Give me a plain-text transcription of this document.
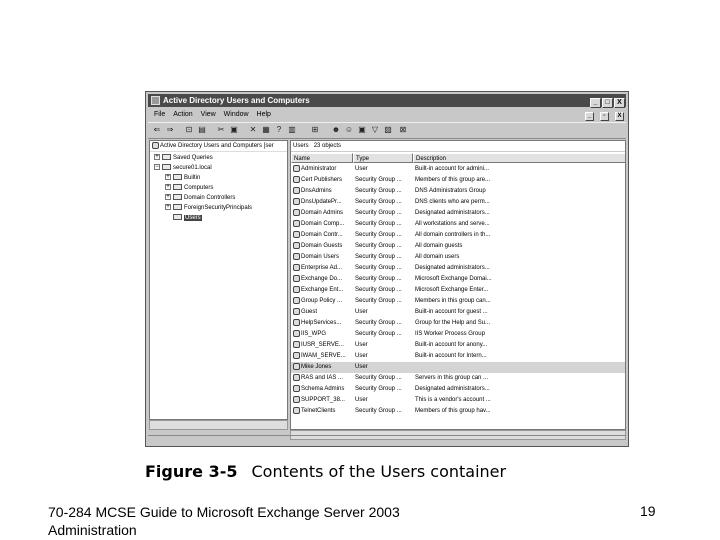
Active Directory Users and Computers	_ □ X
File Action View Window Help	_ ▫ X
⇐ ⇒ ⊡ ▤ ✂ ▣ ✕ ▦ ? ▥ ⊞ ☻ ☺ ▣ ▽ ▨ ⊠
Active Directory Users and Computers [ser
+ Saved Queries
− secure01.local
+ Builtin
+ Computers
+ Domain Controllers
+ ForeignSecurityPrincipals
Users
Users 23 objects
Name	Type	Description
Administrator	User	Built-in account for admini...
Cert Publishers	Security Group ...	Members of this group are...
DnsAdmins	Security Group ...	DNS Administrators Group
DnsUpdatePr...	Security Group ...	DNS clients who are perm...
Domain Admins	Security Group ...	Designated administrators...
Domain Comp...	Security Group ...	All workstations and serve...
Domain Contr...	Security Group ...	All domain controllers in th...
Domain Guests	Security Group ...	All domain guests
Domain Users	Security Group ...	All domain users
Enterprise Ad...	Security Group ...	Designated administrators...
Exchange Do...	Security Group ...	Microsoft Exchange Domai...
Exchange Ent...	Security Group ...	Microsoft Exchange Enter...
Group Policy ...	Security Group ...	Members in this group can...
Guest	User	Built-in account for guest ...
HelpServices...	Security Group ...	Group for the Help and Su...
IIS_WPG	Security Group ...	IIS Worker Process Group
IUSR_SERVE...	User	Built-in account for anony...
IWAM_SERVE...	User	Built-in account for Intern...
Mike Jones	User
RAS and IAS ...	Security Group ...	Servers in this group can ...
Schema Admins	Security Group ...	Designated administrators...
SUPPORT_38...	User	This is a vendor's account ...
TelnetClients	Security Group ...	Members of this group hav...
Figure 3-5 Contents of the Users container
70-284 MCSE Guide to Microsoft Exchange Server 2003 Administration
19
